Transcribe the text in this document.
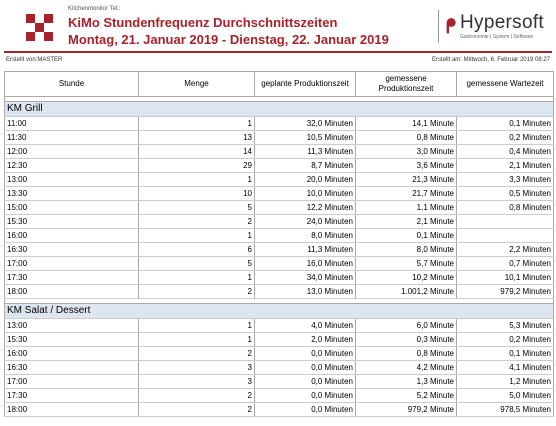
Kitchenmonitor Tel.:
KiMo Stundenfrequenz Durchschnittszeiten
Montag, 21. Januar 2019 - Dienstag, 22. Januar 2019
ᖰ Hypersoft
Gastronomie | System | Software
Erstellt von:MASTER	Erstellt am: Mittwoch, 6. Februar 2019 08:27
Stunde	Menge	geplante Produktionszeit	gemessene Produktionszeit	gemessene Wartezeit

KM Grill				
11:00	1	32,0 Minuten	14,1 Minute	0,1 Minuten
11:30	13	10,5 Minuten	0,8 Minute	0,2 Minuten
12:00	14	11,3 Minuten	3,0 Minute	0,4 Minuten
12:30	29	8,7 Minuten	3,6 Minute	2,1 Minuten
13:00	1	20,0 Minuten	21,3 Minute	3,3 Minuten
13:30	10	10,0 Minuten	21,7 Minute	0,5 Minuten
15:00	5	12,2 Minuten	1,1 Minute	0,8 Minuten
15:30	2	24,0 Minuten	2,1 Minute	
16:00	1	8,0 Minuten	0,1 Minute	
16:30	6	11,3 Minuten	8,0 Minute	2,2 Minuten
17:00	5	16,0 Minuten	5,7 Minute	0,7 Minuten
17:30	1	34,0 Minuten	10,2 Minute	10,1 Minuten
18:00	2	13,0 Minuten	1.001,2 Minute	979,2 Minuten

KM Salat / Dessert				
13:00	1	4,0 Minuten	6,0 Minute	5,3 Minuten
15:30	1	2,0 Minuten	0,3 Minute	0,2 Minuten
16:00	2	0,0 Minuten	0,8 Minute	0,1 Minuten
16:30	3	0,0 Minuten	4,2 Minute	4,1 Minuten
17:00	3	0,0 Minuten	1,3 Minute	1,2 Minuten
17:30	2	0,0 Minuten	5,2 Minute	5,0 Minuten
18:00	2	0,0 Minuten	979,2 Minute	978,5 Minuten
